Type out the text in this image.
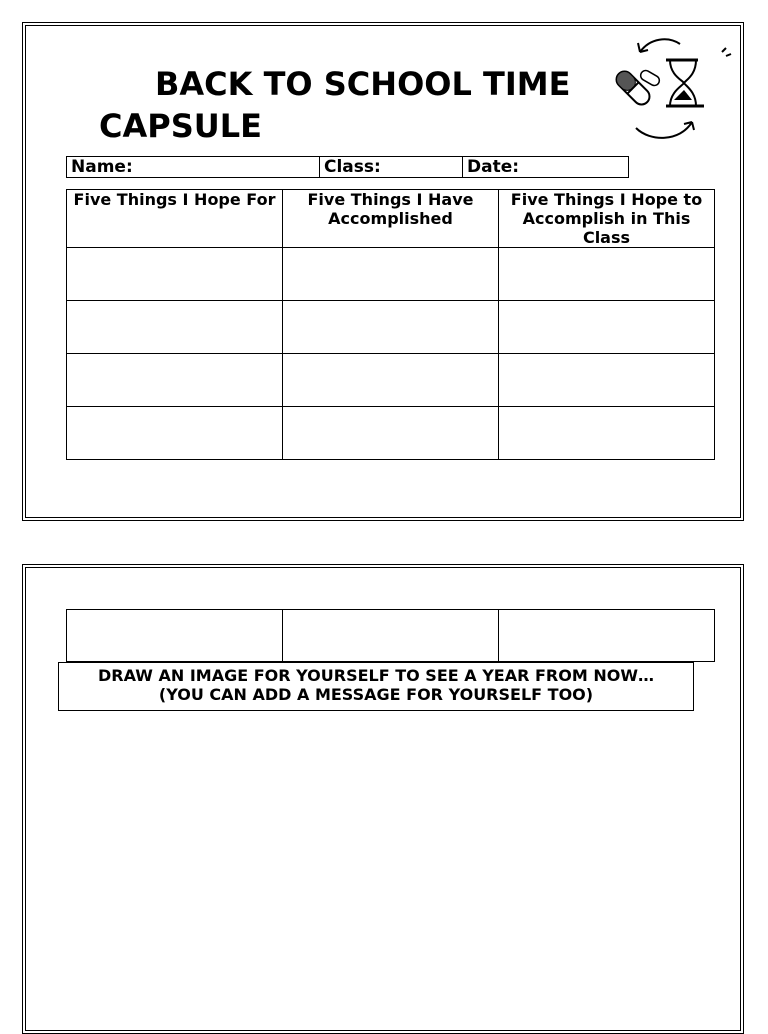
BACK TO SCHOOL TIME
CAPSULE
Name:	Class:	Date:
Five Things I Hope For	Five Things I Have Accomplished	Five Things I Hope to Accomplish in This Class

DRAW AN IMAGE FOR YOURSELF TO SEE A YEAR FROM NOW…
(YOU CAN ADD A MESSAGE FOR YOURSELF TOO)
